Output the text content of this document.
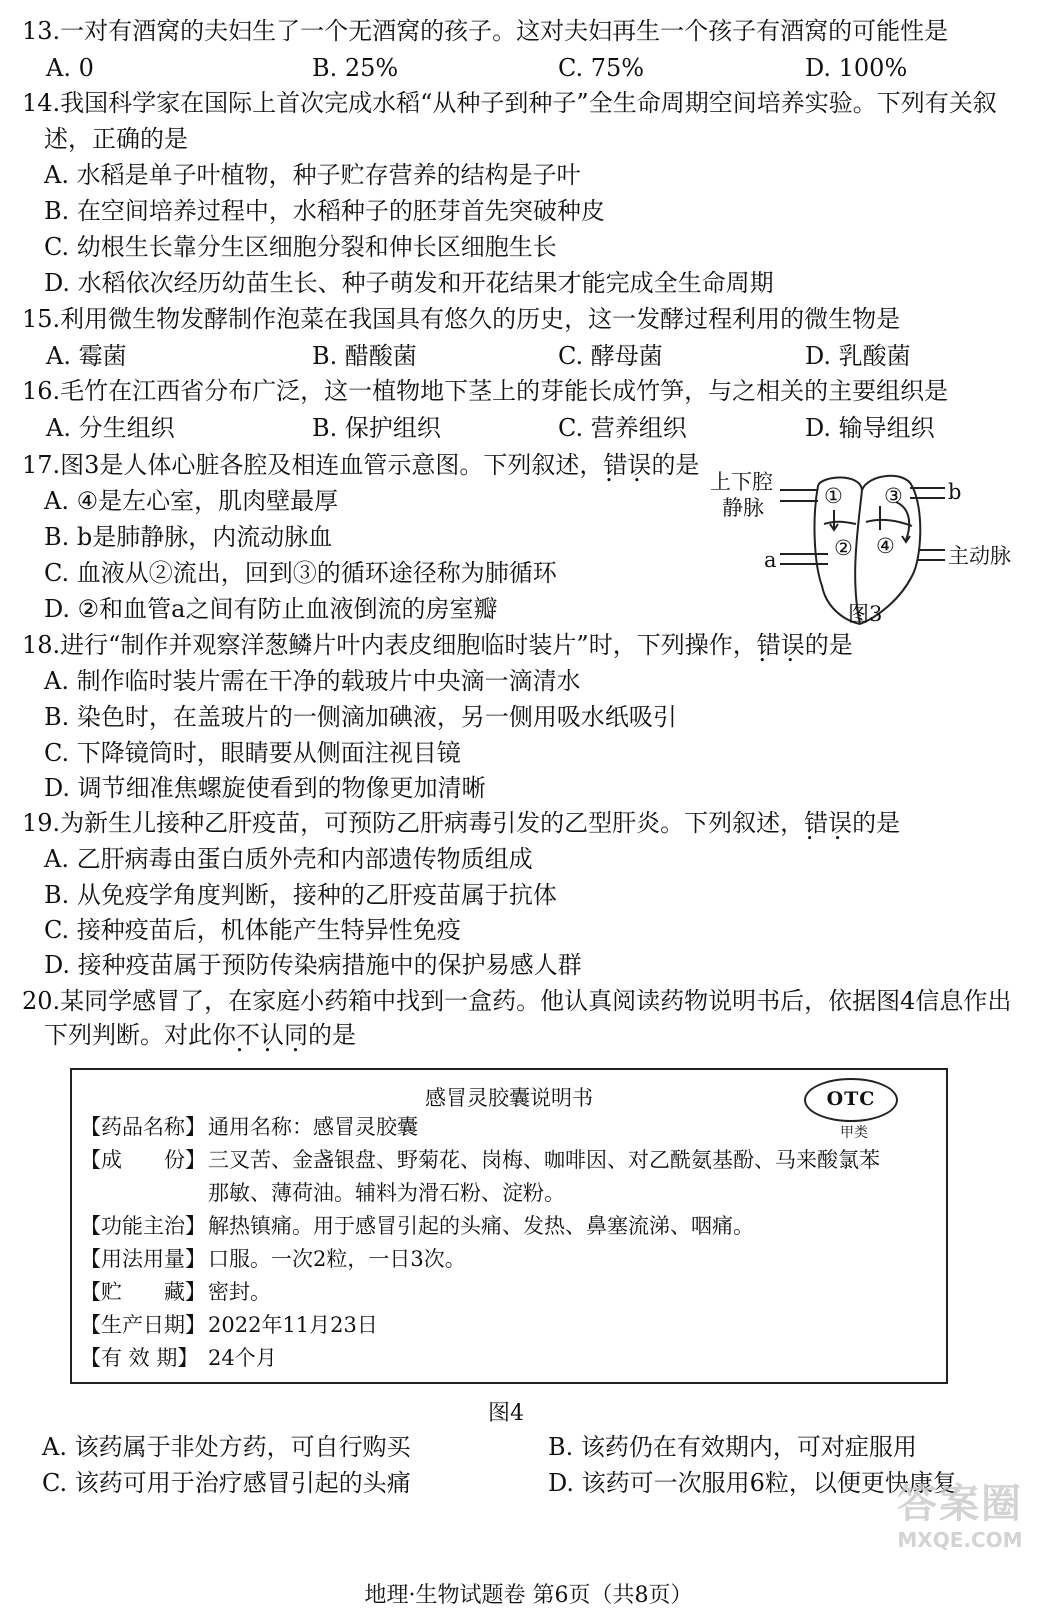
13.一对有酒窝的夫妇生了一个无酒窝的孩子。这对夫妇再生一个孩子有酒窝的可能性是
A. 0	B. 25%	C. 75%	D. 100%
14.我国科学家在国际上首次完成水稻“从种子到种子”全生命周期空间培养实验。下列有关叙
述，正确的是
A. 水稻是单子叶植物，种子贮存营养的结构是子叶
B. 在空间培养过程中，水稻种子的胚芽首先突破种皮
C. 幼根生长靠分生区细胞分裂和伸长区细胞生长
D. 水稻依次经历幼苗生长、种子萌发和开花结果才能完成全生命周期
15.利用微生物发酵制作泡菜在我国具有悠久的历史，这一发酵过程利用的微生物是
A. 霉菌	B. 醋酸菌	C. 酵母菌	D. 乳酸菌
16.毛竹在江西省分布广泛，这一植物地下茎上的芽能长成竹笋，与之相关的主要组织是
A. 分生组织	B. 保护组织	C. 营养组织	D. 输导组织
17.图3是人体心脏各腔及相连血管示意图。下列叙述，错误 • •的是
A. ④是左心室，肌肉壁最厚
B. b是肺静脉，内流动脉血
C. 血液从②流出，回到③的循环途径称为肺循环
D. ②和血管a之间有防止血液倒流的房室瓣
上下腔
静脉
b
a	主动脉
①
②
③
④
图3
18.进行“制作并观察洋葱鳞片叶内表皮细胞临时装片”时，下列操作，错误 • •的是
A. 制作临时装片需在干净的载玻片中央滴一滴清水
B. 染色时，在盖玻片的一侧滴加碘液，另一侧用吸水纸吸引
C. 下降镜筒时，眼睛要从侧面注视目镜
D. 调节细准焦螺旋使看到的物像更加清晰
19.为新生儿接种乙肝疫苗，可预防乙肝病毒引发的乙型肝炎。下列叙述，错误 • •的是
A. 乙肝病毒由蛋白质外壳和内部遗传物质组成
B. 从免疫学角度判断，接种的乙肝疫苗属于抗体
C. 接种疫苗后，机体能产生特异性免疫
D. 接种疫苗属于预防传染病措施中的保护易感人群
20.某同学感冒了，在家庭小药箱中找到一盒药。他认真阅读药物说明书后，依据图4信息作出
下列判断。对此你不认同 • • •的是
感冒灵胶囊说明书	OTC
甲类
【药品名称】通用名称：感冒灵胶囊
【成　　份】三叉苦、金盏银盘、野菊花、岗梅、咖啡因、对乙酰氨基酚、马来酸氯苯
那敏、薄荷油。辅料为滑石粉、淀粉。
【功能主治】解热镇痛。用于感冒引起的头痛、发热、鼻塞流涕、咽痛。
【用法用量】口服。一次2粒，一日3次。
【贮　　藏】密封。
【生产日期】2022年11月23日
【有 效 期】 24个月
图4
A. 该药属于非处方药，可自行购买	B. 该药仍在有效期内，可对症服用
C. 该药可用于治疗感冒引起的头痛	D. 该药可一次服用6粒，以便更快康复
答案圈
MXQE.COM
地理·生物试题卷 第6页（共8页）
